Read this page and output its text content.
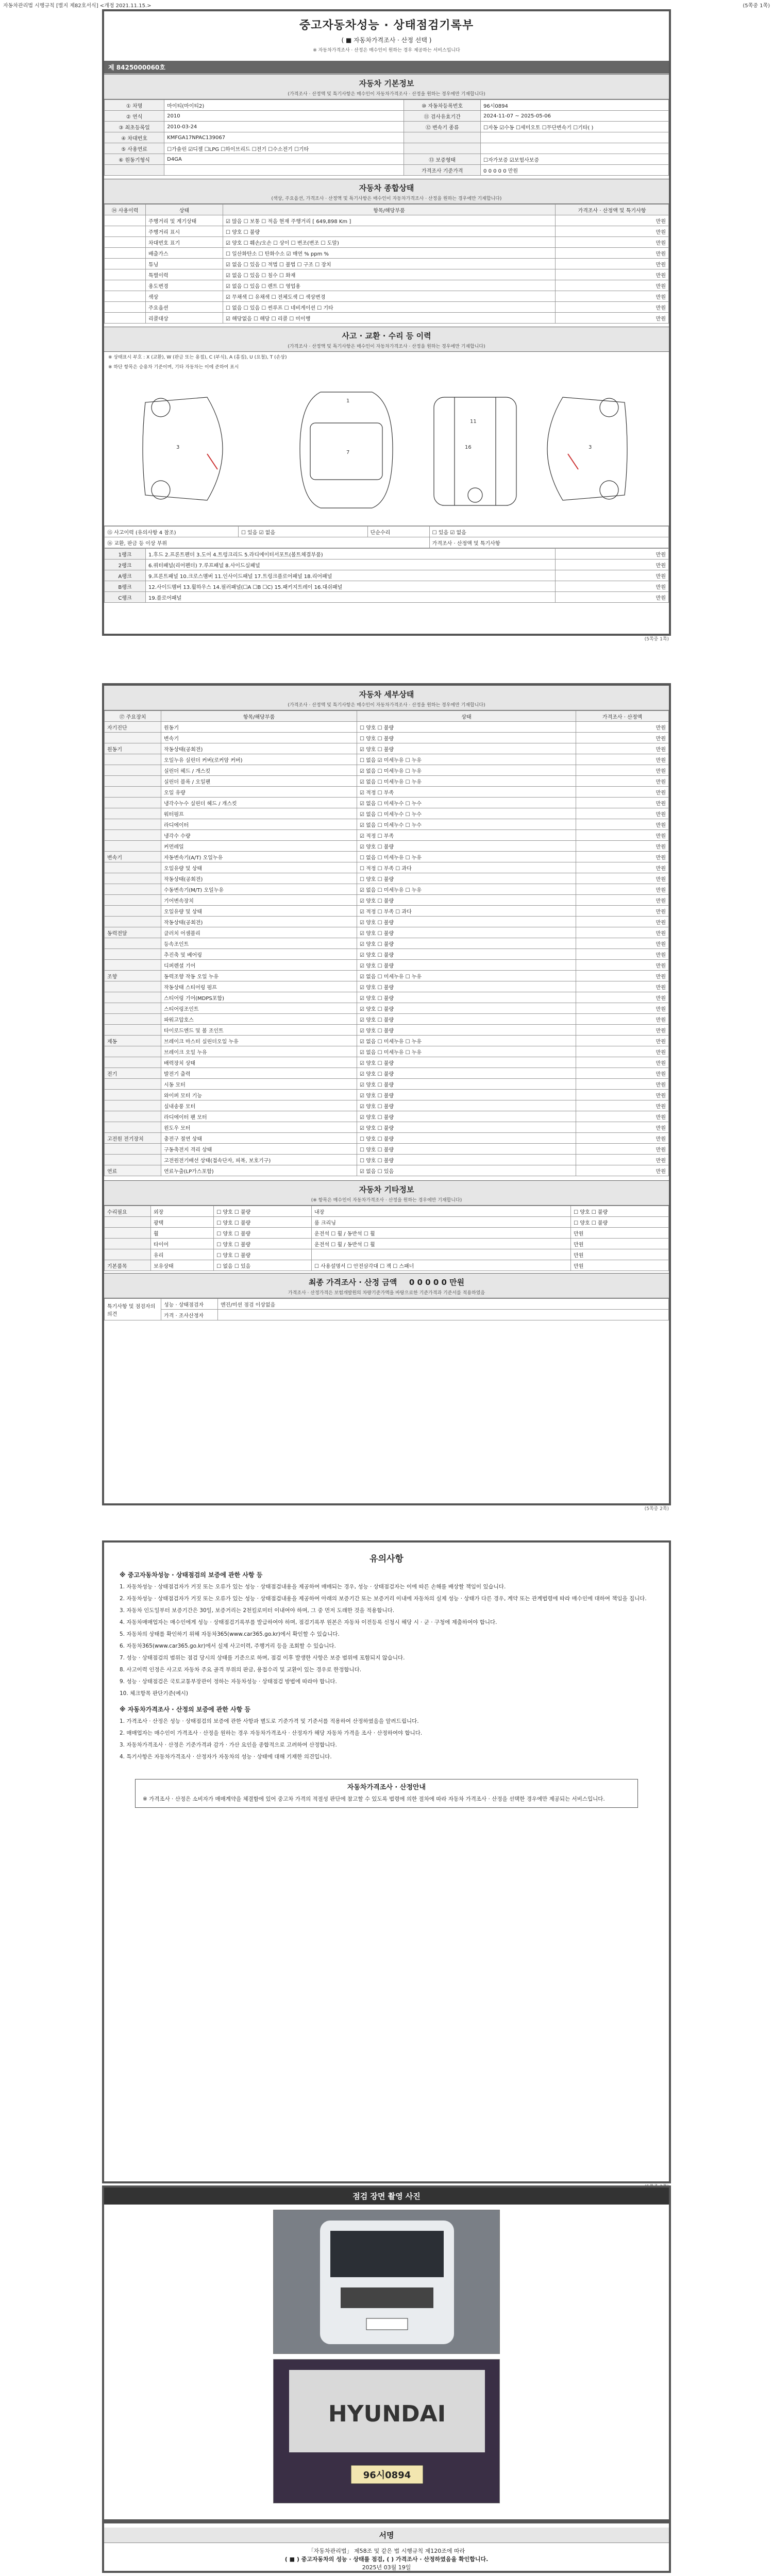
자동차관리법 시행규칙 [별지 제82호서식] <개정 2021.11.15.>	(5쪽중 1쪽)
중고자동차성능 · 상태점검기록부
( ■ 자동차가격조사 · 산정 선택 )
※ 자동차가격조사 · 산정은 매수인이 원하는 경우 제공하는 서비스입니다
제 8425000060호
자동차 기본정보
(가격조사 · 산정액 및 특기사항은 매수인이 자동차가격조사 · 산정을 원하는 경우에만 기재합니다)
① 차명	마이티(마이티2)	⑩ 자동차등록번호	96시0894
② 연식	2010	⑪ 검사유효기간	2024-11-07 ~ 2025-05-06
③ 최초등록일	2010-03-24	⑫ 변속기 종류	☐자동 ☑수동 ☐세미오토 ☐무단변속기 ☐기타( )
④ 차대번호	KMFGA17NPAC139067		
⑤ 사용연료	☐가솔린 ☑디젤 ☐LPG ☐하이브리드 ☐전기 ☐수소전기 ☐기타		
⑥ 원동기형식	D4GA	⑬ 보증형태	☐자가보증 ☑보험사보증
		가격조사 기준가격	0 0 0 0 0 만원
자동차 종합상태
(색상, 주요옵션, 가격조사 · 산정액 및 특기사항은 매수인이 자동차가격조사 · 산정을 원하는 경우에만 기재합니다)
⑭ 사용이력	상태	항목/해당부품	가격조사 · 산정액 및 특기사항
	주행거리 및 계기상태	☑ 많음 ☐ 보통 ☐ 적음 현재 주행거리 [ 649,898 Km ]	만원
	주행거리 표시	☐ 양호 ☐ 불량	만원
	차대번호 표기	☑ 양호 ☐ 훼손/오손 ☐ 상이 ☐ 변조(변조 ☐ 도말)	만원
	배출가스	☐ 일산화탄소 ☐ 탄화수소 ☑ 매연 % ppm %	만원
	튜닝	☑ 없음 ☐ 있음 ☐ 적법 ☐ 불법 ☐ 구조 ☐ 장치	만원
	특별이력	☑ 없음 ☐ 있음 ☐ 침수 ☐ 화재	만원
	용도변경	☑ 없음 ☐ 있음 ☐ 렌트 ☐ 영업용	만원
	색상	☑ 무채색 ☐ 유채색 ☐ 전체도색 ☐ 색상변경	만원
	주요옵션	☐ 없음 ☐ 있음 ☐ 썬루프 ☐ 네비게이션 ☐ 기타	만원
	리콜대상	☑ 해당없음 ☐ 해당 ☐ 리콜 ☐ 미이행	만원
사고 · 교환 · 수리 등 이력
(가격조사 · 산정액 및 특기사항은 매수인이 자동차가격조사 · 산정을 원하는 경우에만 기재합니다)
※ 상태표시 부호 : X (교환), W (판금 또는 용접), C (부식), A (흠집), U (요철), T (손상)
※ 하단 항목은 승용차 기준이며, 기타 자동차는 이에 준하여 표시
3
1
7
16
11
3
⑮ 사고이력 (유의사항 4 참조)	☐ 있음 ☑ 없음	단순수리	☐ 있음 ☑ 없음
⑯ 교환, 판금 등 이상 부위			가격조사 · 산정액 및 특기사항
1랭크	1.후드 2.프론트펜더 3.도어 4.트렁크리드 5.라디에이터서포트(볼트체결부품)	만원
2랭크	6.쿼터패널(리어펜더) 7.루프패널 8.사이드실패널	만원
A랭크	9.프론트패널 10.크로스멤버 11.인사이드패널 17.트렁크플로어패널 18.리어패널	만원
B랭크	12.사이드멤버 13.휠하우스 14.필러패널(☐A ☐B ☐C) 15.패키지트레이 16.대쉬패널	만원
C랭크	19.플로어패널	만원
(5쪽중 1쪽)
자동차 세부상태
(가격조사 · 산정액 및 특기사항은 매수인이 자동차가격조사 · 산정을 원하는 경우에만 기재합니다)
⑰ 주요장치	항목/해당부품	상태	가격조사 · 산정액
자기진단	원동기	☐ 양호 ☐ 불량	만원
	변속기	☐ 양호 ☐ 불량	만원
원동기	작동상태(공회전)	☑ 양호 ☐ 불량	만원
	오일누유 실린더 커버(로커암 커버)	☐ 없음 ☑ 미세누유 ☐ 누유	만원
	실린더 헤드 / 개스킷	☑ 없음 ☐ 미세누유 ☐ 누유	만원
	실린더 블록 / 오일팬	☑ 없음 ☐ 미세누유 ☐ 누유	만원
	오일 유량	☑ 적정 ☐ 부족	만원
	냉각수누수 실린더 헤드 / 개스킷	☑ 없음 ☐ 미세누수 ☐ 누수	만원
	워터펌프	☑ 없음 ☐ 미세누수 ☐ 누수	만원
	라디에이터	☑ 없음 ☐ 미세누수 ☐ 누수	만원
	냉각수 수량	☑ 적정 ☐ 부족	만원
	커먼레일	☑ 양호 ☐ 불량	만원
변속기	자동변속기(A/T) 오일누유	☐ 없음 ☐ 미세누유 ☐ 누유	만원
	오일유량 및 상태	☐ 적정 ☐ 부족 ☐ 과다	만원
	작동상태(공회전)	☐ 양호 ☐ 불량	만원
	수동변속기(M/T) 오일누유	☑ 없음 ☐ 미세누유 ☐ 누유	만원
	기어변속장치	☑ 양호 ☐ 불량	만원
	오일유량 및 상태	☑ 적정 ☐ 부족 ☐ 과다	만원
	작동상태(공회전)	☑ 양호 ☐ 불량	만원
동력전달	클러치 어셈블리	☑ 양호 ☐ 불량	만원
	등속조인트	☑ 양호 ☐ 불량	만원
	추진축 및 베어링	☑ 양호 ☐ 불량	만원
	디퍼렌셜 기어	☑ 양호 ☐ 불량	만원
조향	동력조향 작동 오일 누유	☑ 없음 ☐ 미세누유 ☐ 누유	만원
	작동상태 스티어링 펌프	☑ 양호 ☐ 불량	만원
	스티어링 기어(MDPS포함)	☑ 양호 ☐ 불량	만원
	스티어링조인트	☑ 양호 ☐ 불량	만원
	파워고압호스	☑ 양호 ☐ 불량	만원
	타이로드엔드 및 볼 조인트	☑ 양호 ☐ 불량	만원
제동	브레이크 마스터 실린더오일 누유	☑ 없음 ☐ 미세누유 ☐ 누유	만원
	브레이크 오일 누유	☑ 없음 ☐ 미세누유 ☐ 누유	만원
	배력장치 상태	☑ 양호 ☐ 불량	만원
전기	발전기 출력	☑ 양호 ☐ 불량	만원
	시동 모터	☑ 양호 ☐ 불량	만원
	와이퍼 모터 기능	☑ 양호 ☐ 불량	만원
	실내송풍 모터	☑ 양호 ☐ 불량	만원
	라디에이터 팬 모터	☑ 양호 ☐ 불량	만원
	윈도우 모터	☑ 양호 ☐ 불량	만원
고전원 전기장치	충전구 절연 상태	☐ 양호 ☐ 불량	만원
	구동축전지 격리 상태	☐ 양호 ☐ 불량	만원
	고전원전기배선 상태(접속단자, 피복, 보호기구)	☐ 양호 ☐ 불량	만원
연료	연료누출(LP가스포함)	☑ 없음 ☐ 있음	만원
자동차 기타정보
(※ 항목은 매수인이 자동차가격조사 · 산정을 원하는 경우에만 기재합니다)
수리필요	외장	☐ 양호 ☐ 불량	내장	☐ 양호 ☐ 불량
	광택	☐ 양호 ☐ 불량	룸 크리닝	☐ 양호 ☐ 불량
	휠	☐ 양호 ☐ 불량	운전석 ☐ 휠 / 동반석 ☐ 휠	만원
	타이어	☐ 양호 ☐ 불량	운전석 ☐ 휠 / 동반석 ☐ 휠	만원
	유리	☐ 양호 ☐ 불량		만원
기본품목	보유상태	☐ 없음 ☐ 있음	☐ 사용설명서 ☐ 안전삼각대 ☐ 잭 ☐ 스패너	만원
최종 가격조사 · 산정 금액 0 0 0 0 0 만원
가격조사 · 산정가격은 보험개발원의 차량기준가액을 바탕으로한 기준가격과 기준서를 적용하였음
특기사항 및 점검자의 의견	성능 · 상태점검자	엔진/미션 점검 이상없음
	가격 · 조사산정자	
(5쪽중 2쪽)
유의사항
※ 중고자동차성능 · 상태점검의 보증에 관한 사항 등

1. 자동차성능 · 상태점검자가 거짓 또는 오류가 있는 성능 · 상태점검내용을 제공하여 매매되는 경우, 성능 · 상태점검자는 이에 따른 손해를 배상할 책임이 있습니다.

2. 자동차성능 · 상태점검자가 거짓 또는 오류가 있는 성능 · 상태점검내용을 제공하여 아래의 보증기간 또는 보증거리 이내에 자동차의 실제 성능 · 상태가 다른 경우, 계약 또는 관계법령에 따라 매수인에 대하여 책임을 집니다.

3. 자동차 인도일부터 보증기간은 30일, 보증거리는 2천킬로미터 이내여야 하며, 그 중 먼저 도래한 것을 적용합니다.

4. 자동차매매업자는 매수인에게 성능 · 상태점검기록부를 발급하여야 하며, 점검기록부 원본은 자동차 이전등록 신청시 해당 시 · 군 · 구청에 제출하여야 합니다.

5. 자동차의 상태를 확인하기 위해 자동차365(www.car365.go.kr)에서 확인할 수 있습니다.

6. 자동차365(www.car365.go.kr)에서 실제 사고이력, 주행거리 등을 조회할 수 있습니다.

7. 성능 · 상태점검의 범위는 점검 당시의 상태를 기준으로 하며, 점검 이후 발생한 사항은 보증 범위에 포함되지 않습니다.

8. 사고이력 인정은 사고로 자동차 주요 골격 부위의 판금, 용접수리 및 교환이 있는 경우로 한정합니다.

9. 성능 · 상태점검은 국토교통부장관이 정하는 자동차성능 · 상태점검 방법에 따라야 합니다.

10. 체크항목 판단기준(예시)

※ 자동차가격조사 · 산정의 보증에 관한 사항 등

1. 가격조사 · 산정은 성능 · 상태점검의 보증에 관한 사항과 별도로 기준가격 및 기준서를 적용하여 산정하였음을 알려드립니다.

2. 매매업자는 매수인이 가격조사 · 산정을 원하는 경우 자동차가격조사 · 산정자가 해당 자동차 가격을 조사 · 산정하여야 합니다.

3. 자동차가격조사 · 산정은 기준가격과 감가 · 가산 요인을 종합적으로 고려하여 산정합니다.

4. 특기사항은 자동차가격조사 · 산정자가 자동차의 성능 · 상태에 대해 기재한 의견입니다.

자동차가격조사 · 산정안내
※ 가격조사 · 산정은 소비자가 매매계약을 체결함에 있어 중고차 가격의 적절성 판단에 참고할 수 있도록 법령에 의한 절차에 따라 자동차 가격조사 · 산정을 선택한 경우에만 제공되는 서비스입니다.
점검 장면 촬영 사진
HYUNDAI
96시0894
서명
「자동차관리법」 제58조 및 같은 법 시행규칙 제120조에 따라
( ■ ) 중고자동차의 성능 · 상태를 점검, ( ) 가격조사 · 산정하였음을 확인합니다.
2025년 03월 19일
